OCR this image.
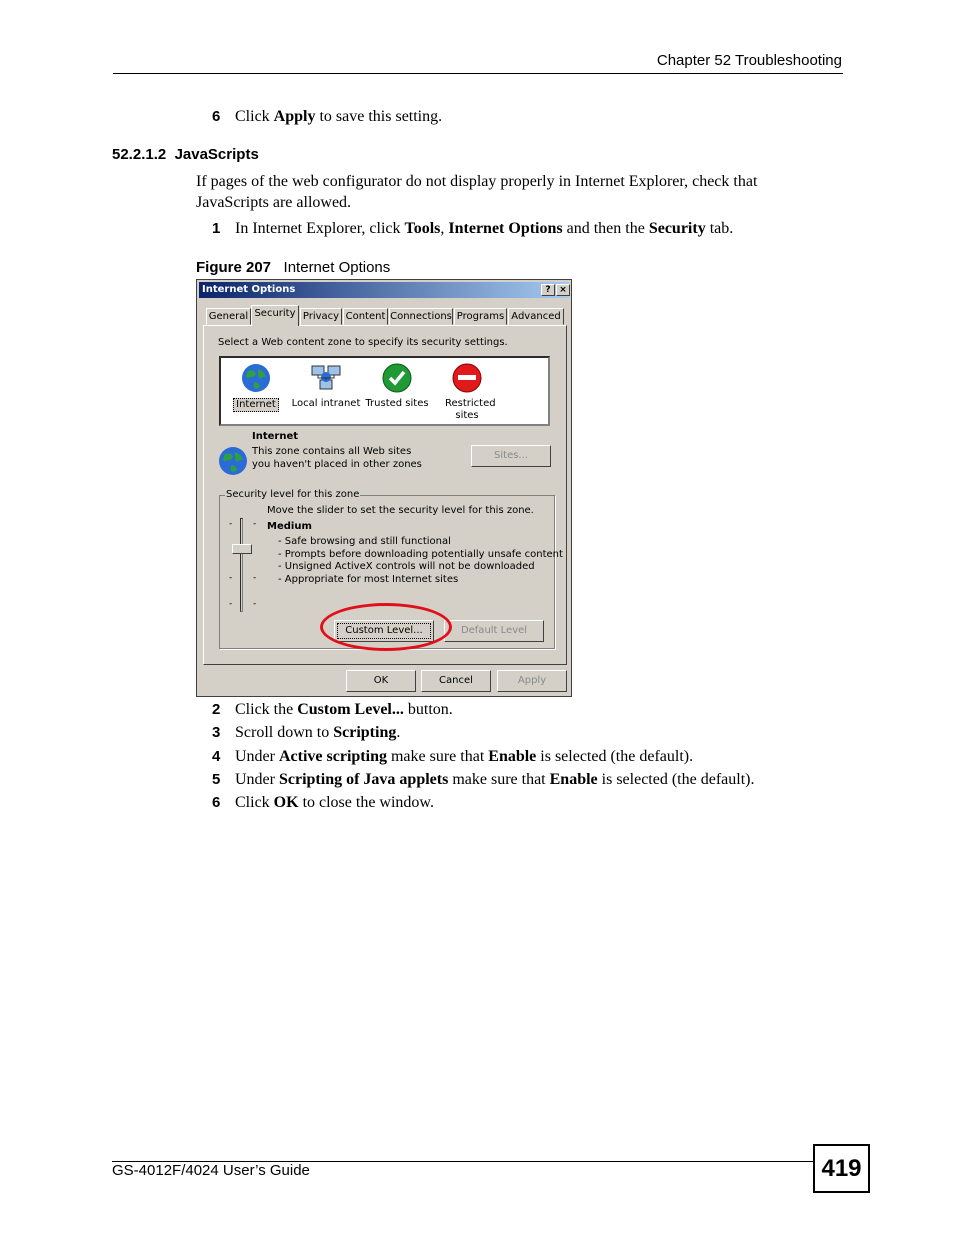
Chapter 52 Troubleshooting
6 Click Apply to save this setting.
52.2.1.2 JavaScripts
If pages of the web configurator do not display properly in Internet Explorer, check that JavaScripts are allowed.
1 In Internet Explorer, click Tools, Internet Options and then the Security tab.
Figure 207 Internet Options
Internet Options	? ×
General Security Privacy Content Connections Programs Advanced
Select a Web content zone to specify its security settings.
Internet	Local intranet Trusted sites	Restricted sites
Internet
This zone contains all Web sites you haven't placed in other zones
Sites...
Security level for this zone
Move the slider to set the security level for this zone.
- -
- -
- -
Medium
- Safe browsing and still functional
- Prompts before downloading potentially unsafe content
- Unsigned ActiveX controls will not be downloaded
- Appropriate for most Internet sites
Custom Level...	Default Level
OK	Cancel	Apply
2 Click the Custom Level... button.
3 Scroll down to Scripting.
4 Under Active scripting make sure that Enable is selected (the default).
5 Under Scripting of Java applets make sure that Enable is selected (the default).
6 Click OK to close the window.
GS-4012F/4024 User’s Guide	419
